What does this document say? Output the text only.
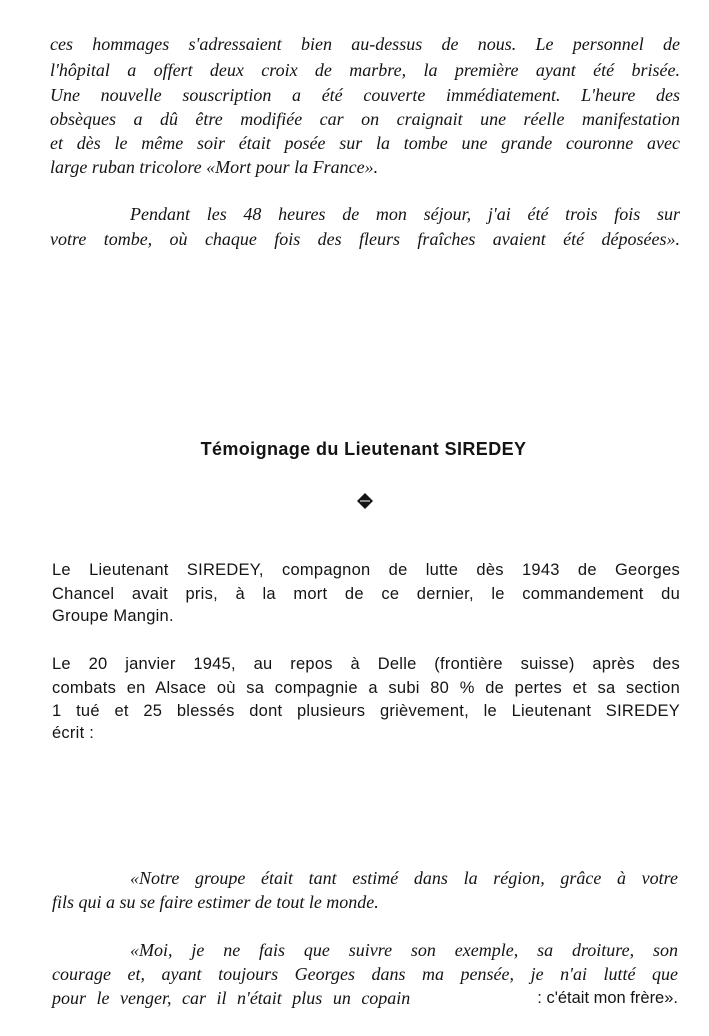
ces hommages s'adressaient bien au-dessus de nous. Le personnel de
l'hôpital a offert deux croix de marbre, la première ayant été brisée.
Une nouvelle souscription a été couverte immédiatement. L'heure des
obsèques a dû être modifiée car on craignait une réelle manifestation
et dès le même soir était posée sur la tombe une grande couronne avec
large ruban tricolore «Mort pour la France».
Pendant les 48 heures de mon séjour, j'ai été trois fois sur
votre tombe, où chaque fois des fleurs fraîches avaient été déposées».
Témoignage du Lieutenant SIREDEY
Le Lieutenant SIREDEY, compagnon de lutte dès 1943 de Georges
Chancel avait pris, à la mort de ce dernier, le commandement du
Groupe Mangin.
Le 20 janvier 1945, au repos à Delle (frontière suisse) après des
combats en Alsace où sa compagnie a subi 80 % de pertes et sa section
1 tué et 25 blessés dont plusieurs grièvement, le Lieutenant SIREDEY
écrit :
«Notre groupe était tant estimé dans la région, grâce à votre
fils qui a su se faire estimer de tout le monde.
«Moi, je ne fais que suivre son exemple, sa droiture, son
courage et, ayant toujours Georges dans ma pensée, je n'ai lutté que
pour le venger, car il n'était plus un copain	: c'était mon frère».
